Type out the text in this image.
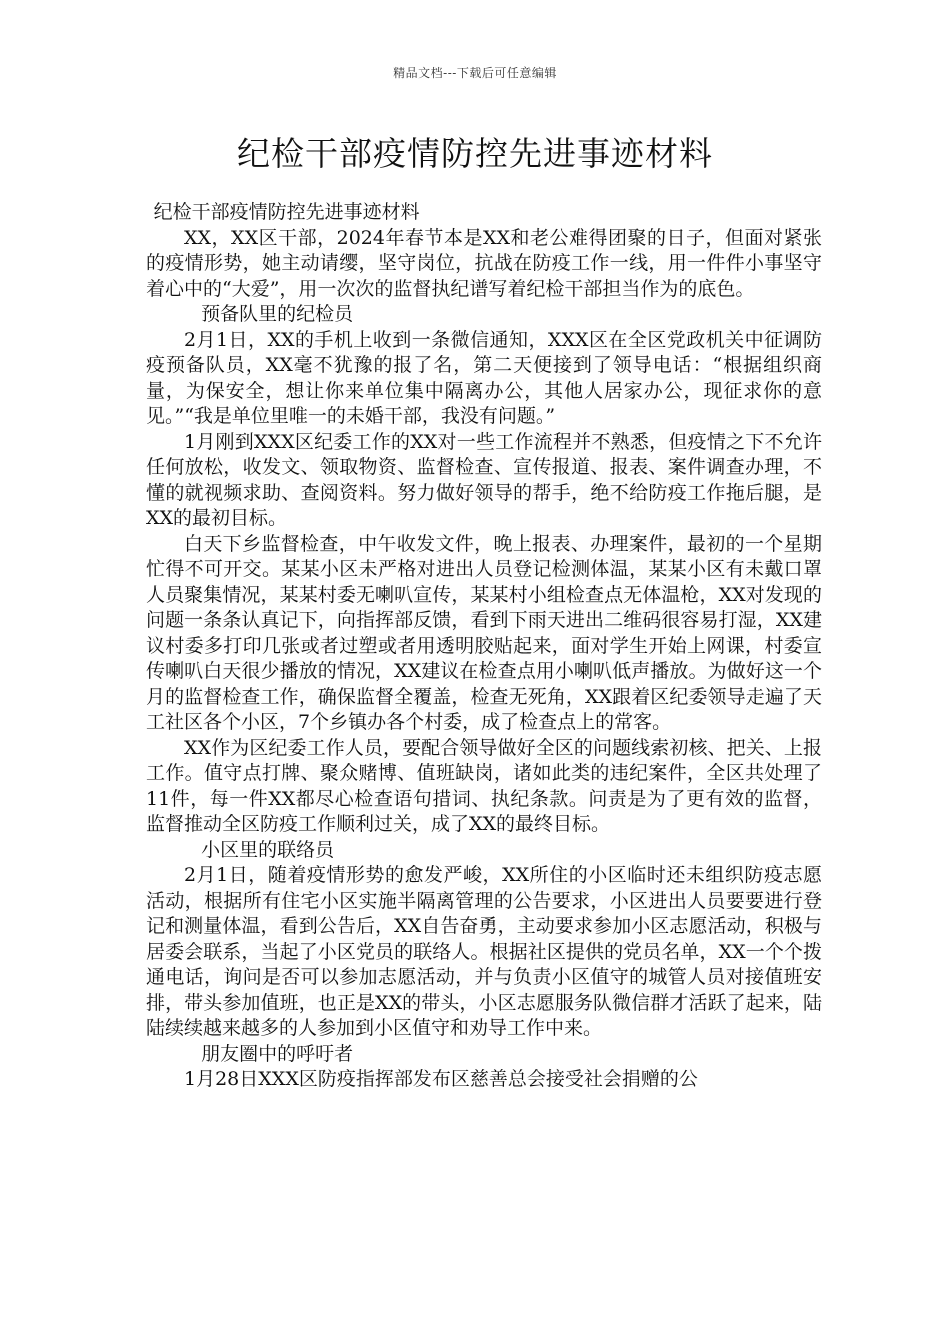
精品文档---下载后可任意编辑
纪检干部疫情防控先进事迹材料

纪检干部疫情防控先进事迹材料

XX，XX区干部，2024年春节本是XX和老公难得团聚的日子，但面对紧张的疫情形势，她主动请缨，坚守岗位，抗战在防疫工作一线，用一件件小事坚守着心中的“大爱”，用一次次的监督执纪谱写着纪检干部担当作为的底色。

预备队里的纪检员

2月1日，XX的手机上收到一条微信通知，XXX区在全区党政机关中征调防疫预备队员，XX毫不犹豫的报了名，第二天便接到了领导电话：“根据组织商量，为保安全，想让你来单位集中隔离办公，其他人居家办公，现征求你的意见。”“我是单位里唯一的未婚干部，我没有问题。”

1月刚到XXX区纪委工作的XX对一些工作流程并不熟悉，但疫情之下不允许任何放松，收发文、领取物资、监督检查、宣传报道、报表、案件调查办理，不懂的就视频求助、查阅资料。努力做好领导的帮手，绝不给防疫工作拖后腿，是XX的最初目标。

白天下乡监督检查，中午收发文件，晚上报表、办理案件，最初的一个星期忙得不可开交。某某小区未严格对进出人员登记检测体温，某某小区有未戴口罩人员聚集情况，某某村委无喇叭宣传，某某村小组检查点无体温枪，XX对发现的问题一条条认真记下，向指挥部反馈，看到下雨天进出二维码很容易打湿，XX建议村委多打印几张或者过塑或者用透明胶贴起来，面对学生开始上网课，村委宣传喇叭白天很少播放的情况，XX建议在检查点用小喇叭低声播放。为做好这一个月的监督检查工作，确保监督全覆盖，检查无死角，XX跟着区纪委领导走遍了天工社区各个小区，7个乡镇办各个村委，成了检查点上的常客。

XX作为区纪委工作人员，要配合领导做好全区的问题线索初核、把关、上报工作。值守点打牌、聚众赌博、值班缺岗，诸如此类的违纪案件，全区共处理了11件，每一件XX都尽心检查语句措词、执纪条款。问责是为了更有效的监督，监督推动全区防疫工作顺利过关，成了XX的最终目标。

小区里的联络员

2月1日，随着疫情形势的愈发严峻，XX所住的小区临时还未组织防疫志愿活动，根据所有住宅小区实施半隔离管理的公告要求，小区进出人员要要进行登记和测量体温，看到公告后，XX自告奋勇，主动要求参加小区志愿活动，积极与居委会联系，当起了小区党员的联络人。根据社区提供的党员名单，XX一个个拨通电话，询问是否可以参加志愿活动，并与负责小区值守的城管人员对接值班安排，带头参加值班，也正是XX的带头，小区志愿服务队微信群才活跃了起来，陆陆续续越来越多的人参加到小区值守和劝导工作中来。

朋友圈中的呼吁者

1月28日XXX区防疫指挥部发布区慈善总会接受社会捐赠的公
